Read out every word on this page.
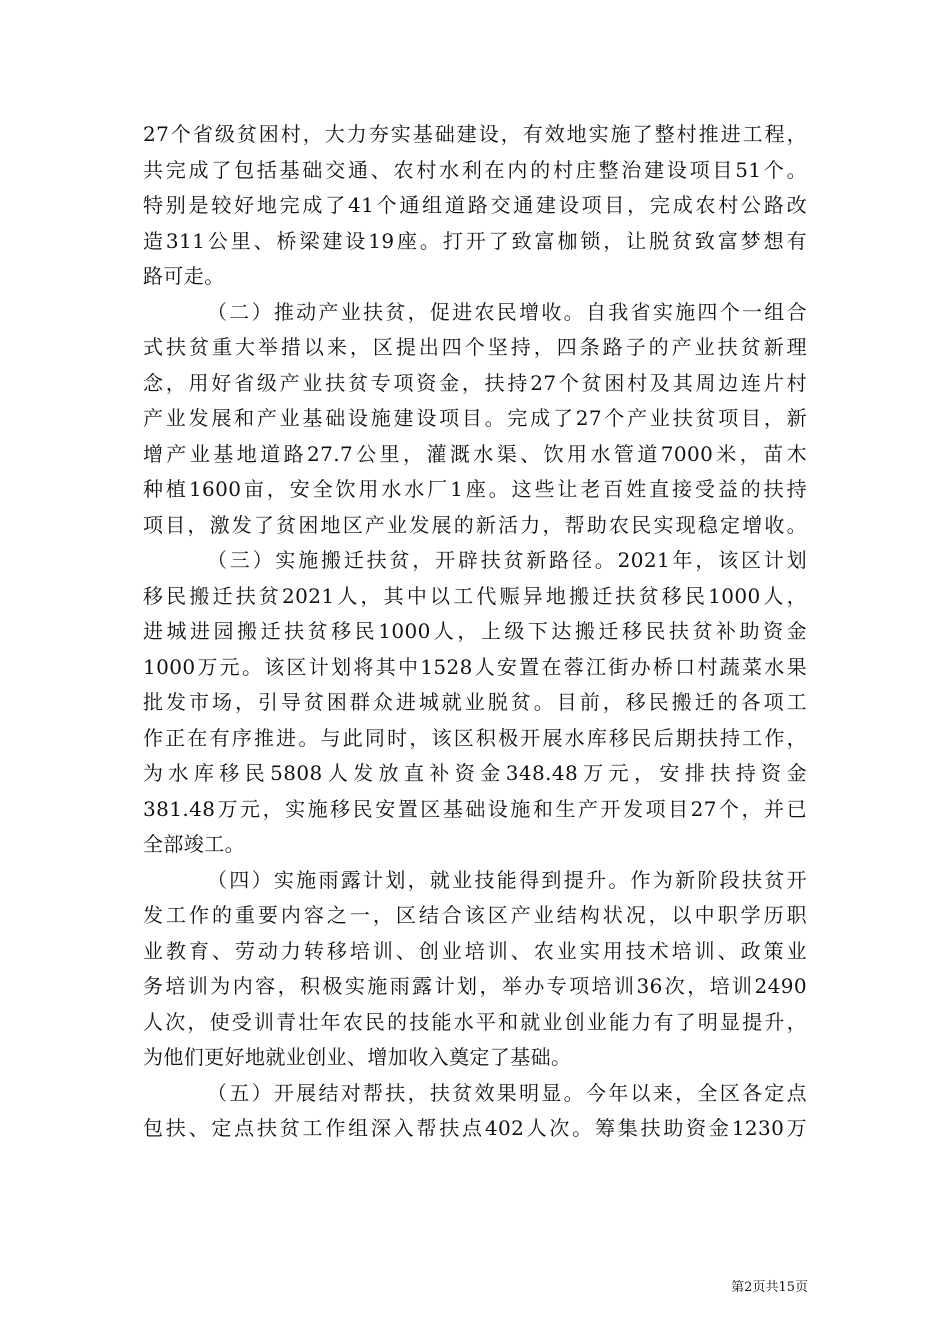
27个省级贫困村，大力夯实基础建设，有效地实施了整村推进工程，
共完成了包括基础交通、农村水利在内的村庄整治建设项目51个。
特别是较好地完成了41个通组道路交通建设项目，完成农村公路改
造311公里、桥梁建设19座。打开了致富枷锁，让脱贫致富梦想有
路可走。
（二）推动产业扶贫，促进农民增收。自我省实施四个一组合
式扶贫重大举措以来，区提出四个坚持，四条路子的产业扶贫新理
念，用好省级产业扶贫专项资金，扶持27个贫困村及其周边连片村
产业发展和产业基础设施建设项目。完成了27个产业扶贫项目，新
增产业基地道路27.7公里，灌溉水渠、饮用水管道7000米，苗木
种植1600亩，安全饮用水水厂1座。这些让老百姓直接受益的扶持
项目，激发了贫困地区产业发展的新活力，帮助农民实现稳定增收。
（三）实施搬迁扶贫，开辟扶贫新路径。2021年，该区计划
移民搬迁扶贫2021人，其中以工代赈异地搬迁扶贫移民1000人，
进城进园搬迁扶贫移民1000人，上级下达搬迁移民扶贫补助资金
1000万元。该区计划将其中1528人安置在蓉江街办桥口村蔬菜水果
批发市场，引导贫困群众进城就业脱贫。目前，移民搬迁的各项工
作正在有序推进。与此同时，该区积极开展水库移民后期扶持工作，
为水库移民5808人发放直补资金348.48万元，安排扶持资金
381.48万元，实施移民安置区基础设施和生产开发项目27个，并已
全部竣工。
（四）实施雨露计划，就业技能得到提升。作为新阶段扶贫开
发工作的重要内容之一，区结合该区产业结构状况，以中职学历职
业教育、劳动力转移培训、创业培训、农业实用技术培训、政策业
务培训为内容，积极实施雨露计划，举办专项培训36次，培训2490
人次，使受训青壮年农民的技能水平和就业创业能力有了明显提升，
为他们更好地就业创业、增加收入奠定了基础。
（五）开展结对帮扶，扶贫效果明显。今年以来，全区各定点
包扶、定点扶贫工作组深入帮扶点402人次。筹集扶助资金1230万
第2页共15页
